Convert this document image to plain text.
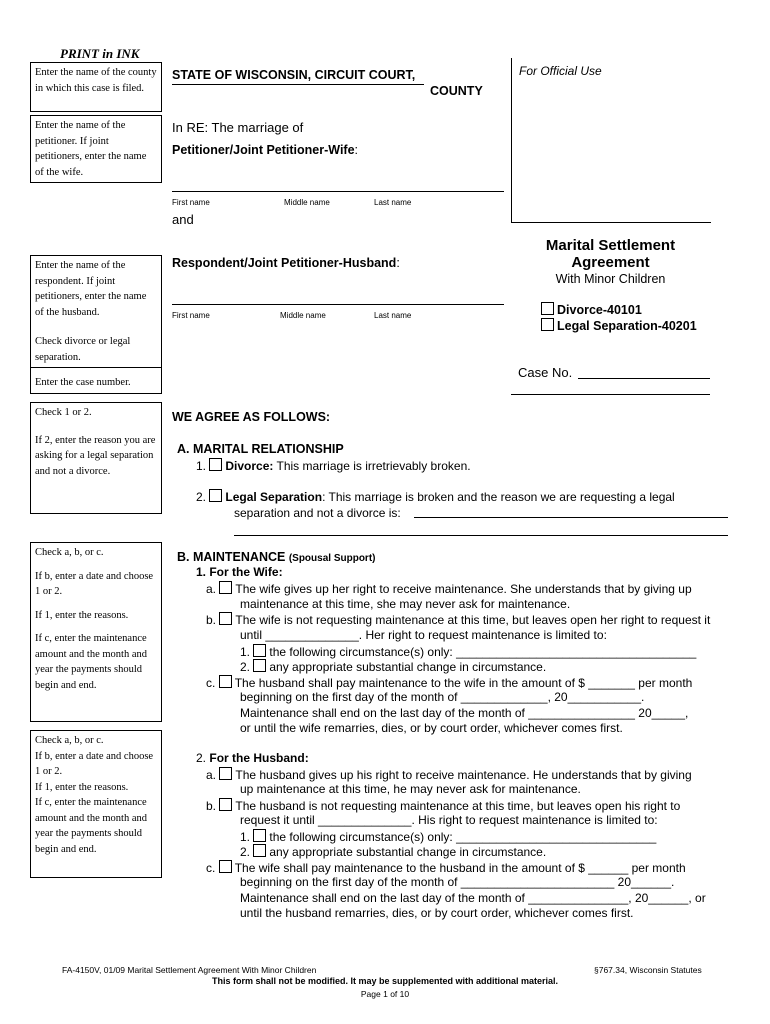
PRINT in INK
Enter the name of the county in which this case is filed.
Enter the name of the petitioner. If joint petitioners, enter the name of the wife.

Enter the name of the respondent. If joint petitioners, enter the name of the husband.

Check divorce or legal separation.

Enter the case number.

Check 1 or 2.

If 2, enter the reason you are asking for a legal separation and not a divorce.

Check a, b, or c.

If b, enter a date and choose 1 or 2.

If 1, enter the reasons.

If c, enter the maintenance amount and the month and year the payments should begin and end.

Check a, b, or c.
If b, enter a date and choose 1 or 2.
If 1, enter the reasons.
If c, enter the maintenance amount and the month and year the payments should begin and end.
STATE OF WISCONSIN, CIRCUIT COURT,
COUNTY
For Official Use
In RE: The marriage of
Petitioner/Joint Petitioner-Wife:
First name	Middle name	Last name
and
Respondent/Joint Petitioner-Husband:
First name	Middle name	Last name
Marital Settlement
Agreement
With Minor Children
Divorce-40101
Legal Separation-40201
Case No.
WE AGREE AS FOLLOWS:
A. MARITAL RELATIONSHIP
1. Divorce: This marriage is irretrievably broken.
2. Legal Separation: This marriage is broken and the reason we are requesting a legal
separation and not a divorce is:
B. MAINTENANCE (Spousal Support)
1. For the Wife:
a. The wife gives up her right to receive maintenance. She understands that by giving up
maintenance at this time, she may never ask for maintenance.
b. The wife is not requesting maintenance at this time, but leaves open her right to request it
until ______________. Her right to request maintenance is limited to:
1. the following circumstance(s) only: ____________________________________
2. any appropriate substantial change in circumstance.
c. The husband shall pay maintenance to the wife in the amount of $ _______ per month
beginning on the first day of the month of _____________, 20___________.
Maintenance shall end on the last day of the month of ________________ 20_____,
or until the wife remarries, dies, or by court order, whichever comes first.
2. For the Husband:
a. The husband gives up his right to receive maintenance. He understands that by giving
up maintenance at this time, he may never ask for maintenance.
b. The husband is not requesting maintenance at this time, but leaves open his right to
request it until ______________. His right to request maintenance is limited to:
1. the following circumstance(s) only: ______________________________
2. any appropriate substantial change in circumstance.
c. The wife shall pay maintenance to the husband in the amount of $ ______ per month
beginning on the first day of the month of _______________________ 20______.
Maintenance shall end on the last day of the month of _______________, 20______, or
until the husband remarries, dies, or by court order, whichever comes first.
FA-4150V, 01/09 Marital Settlement Agreement With Minor Children	§767.34, Wisconsin Statutes
This form shall not be modified. It may be supplemented with additional material.
Page 1 of 10
